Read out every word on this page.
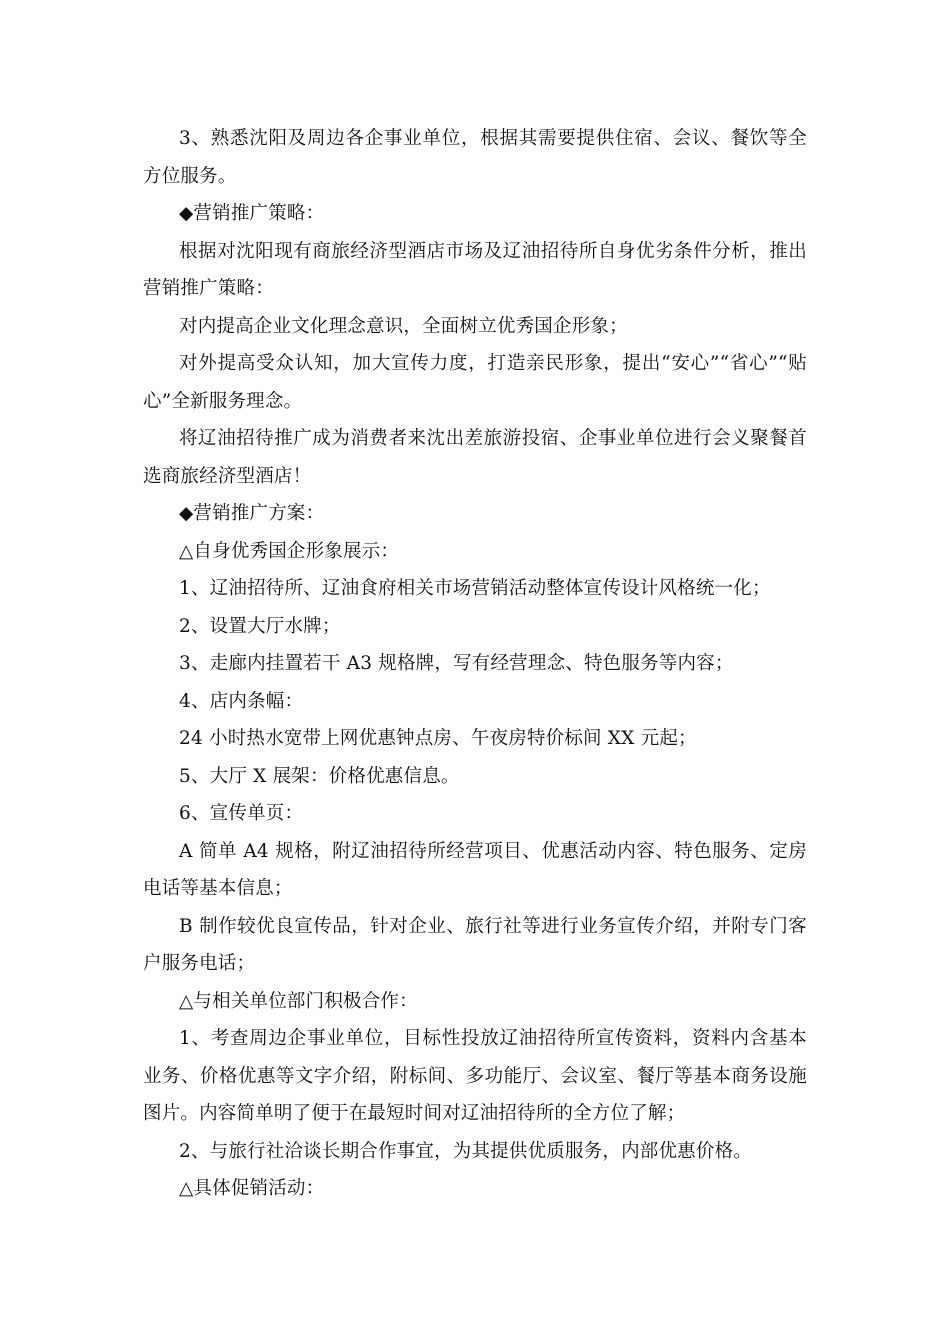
3、熟悉沈阳及周边各企事业单位，根据其需要提供住宿、会议、餐饮等全方位服务。

◆营销推广策略：

根据对沈阳现有商旅经济型酒店市场及辽油招待所自身优劣条件分析，推出营销推广策略：

对内提高企业文化理念意识，全面树立优秀国企形象；

对外提高受众认知，加大宣传力度，打造亲民形象，提出“安心”“省心”“贴心”全新服务理念。

将辽油招待推广成为消费者来沈出差旅游投宿、企事业单位进行会义聚餐首选商旅经济型酒店！

◆营销推广方案：

△自身优秀国企形象展示：

1、辽油招待所、辽油食府相关市场营销活动整体宣传设计风格统一化；

2、设置大厅水牌；

3、走廊内挂置若干 A3 规格牌，写有经营理念、特色服务等内容；

4、店内条幅：

24 小时热水宽带上网优惠钟点房、午夜房特价标间 XX 元起；

5、大厅 X 展架：价格优惠信息。

6、宣传单页：

A 简单 A4 规格，附辽油招待所经营项目、优惠活动内容、特色服务、定房电话等基本信息；

B 制作较优良宣传品，针对企业、旅行社等进行业务宣传介绍，并附专门客户服务电话；

△与相关单位部门积极合作：

1、考查周边企事业单位，目标性投放辽油招待所宣传资料，资料内含基本业务、价格优惠等文字介绍，附标间、多功能厅、会议室、餐厅等基本商务设施图片。内容简单明了便于在最短时间对辽油招待所的全方位了解；

2、与旅行社洽谈长期合作事宜，为其提供优质服务，内部优惠价格。

△具体促销活动：
